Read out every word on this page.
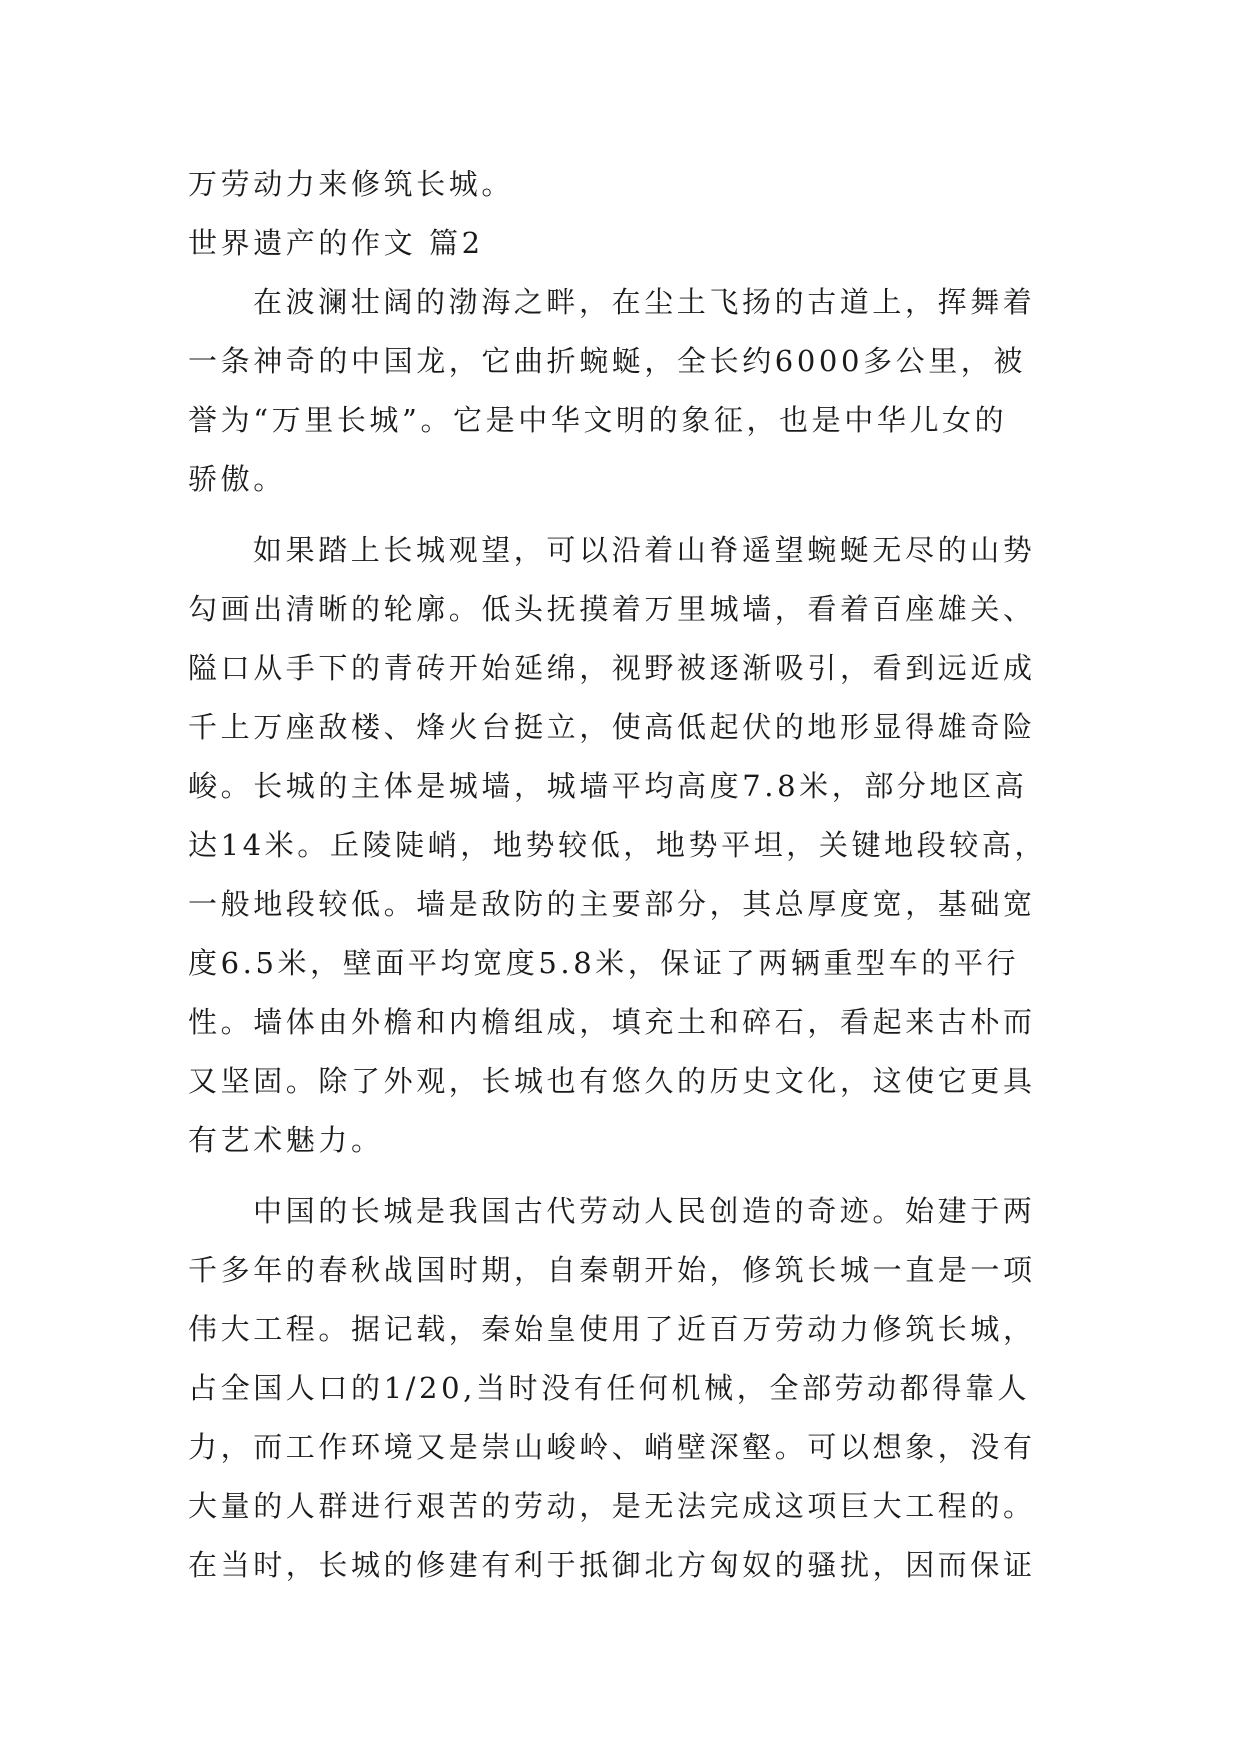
万劳动力来修筑长城。

世界遗产的作文 篇2

在波澜壮阔的渤海之畔，在尘土飞扬的古道上，挥舞着

一条神奇的中国龙，它曲折蜿蜒，全长约6000多公里，被

誉为“万里长城”。它是中华文明的象征，也是中华儿女的

骄傲。

如果踏上长城观望，可以沿着山脊遥望蜿蜒无尽的山势

勾画出清晰的轮廓。低头抚摸着万里城墙，看着百座雄关、

隘口从手下的青砖开始延绵，视野被逐渐吸引，看到远近成

千上万座敌楼、烽火台挺立，使高低起伏的地形显得雄奇险

峻。长城的主体是城墙，城墙平均高度7.8米，部分地区高

达14米。丘陵陡峭，地势较低，地势平坦，关键地段较高，

一般地段较低。墙是敌防的主要部分，其总厚度宽，基础宽

度6.5米，壁面平均宽度5.8米，保证了两辆重型车的平行

性。墙体由外檐和内檐组成，填充土和碎石，看起来古朴而

又坚固。除了外观，长城也有悠久的历史文化，这使它更具

有艺术魅力。

中国的长城是我国古代劳动人民创造的奇迹。始建于两

千多年的春秋战国时期，自秦朝开始，修筑长城一直是一项

伟大工程。据记载，秦始皇使用了近百万劳动力修筑长城，

占全国人口的1/20,当时没有任何机械，全部劳动都得靠人

力，而工作环境又是崇山峻岭、峭壁深壑。可以想象，没有

大量的人群进行艰苦的劳动，是无法完成这项巨大工程的。

在当时，长城的修建有利于抵御北方匈奴的骚扰，因而保证
